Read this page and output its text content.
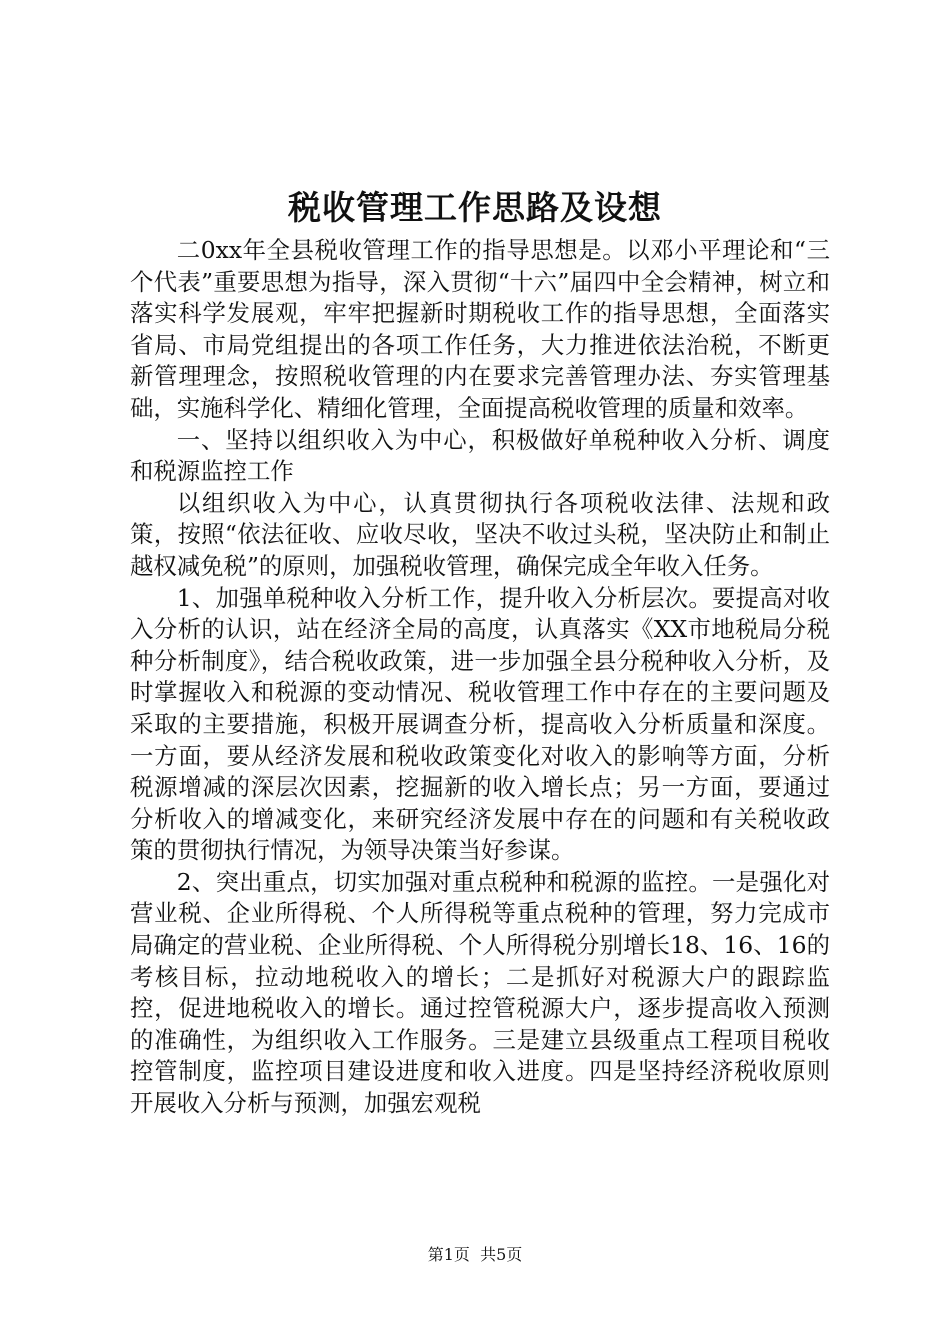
税收管理工作思路及设想

二0xx年全县税收管理工作的指导思想是。以邓小平理论和“三个代表”重要思想为指导，深入贯彻“十六”届四中全会精神，树立和落实科学发展观，牢牢把握新时期税收工作的指导思想，全面落实省局、市局党组提出的各项工作任务，大力推进依法治税，不断更新管理理念，按照税收管理的内在要求完善管理办法、夯实管理基础，实施科学化、精细化管理，全面提高税收管理的质量和效率。

一、坚持以组织收入为中心，积极做好单税种收入分析、调度和税源监控工作

以组织收入为中心，认真贯彻执行各项税收法律、法规和政策，按照“依法征收、应收尽收，坚决不收过头税，坚决防止和制止越权减免税”的原则，加强税收管理，确保完成全年收入任务。

1、加强单税种收入分析工作，提升收入分析层次。要提高对收入分析的认识，站在经济全局的高度，认真落实《XX市地税局分税种分析制度》，结合税收政策，进一步加强全县分税种收入分析，及时掌握收入和税源的变动情况、税收管理工作中存在的主要问题及采取的主要措施，积极开展调查分析，提高收入分析质量和深度。一方面，要从经济发展和税收政策变化对收入的影响等方面，分析税源增减的深层次因素，挖掘新的收入增长点；另一方面，要通过分析收入的增减变化，来研究经济发展中存在的问题和有关税收政策的贯彻执行情况，为领导决策当好参谋。

2、突出重点，切实加强对重点税种和税源的监控。一是强化对营业税、企业所得税、个人所得税等重点税种的管理，努力完成市局确定的营业税、企业所得税、个人所得税分别增长18、16、16的考核目标，拉动地税收入的增长；二是抓好对税源大户的跟踪监控，促进地税收入的增长。通过控管税源大户，逐步提高收入预测的准确性，为组织收入工作服务。三是建立县级重点工程项目税收控管制度，监控项目建设进度和收入进度。四是坚持经济税收原则开展收入分析与预测，加强宏观税

第1页 共5页
